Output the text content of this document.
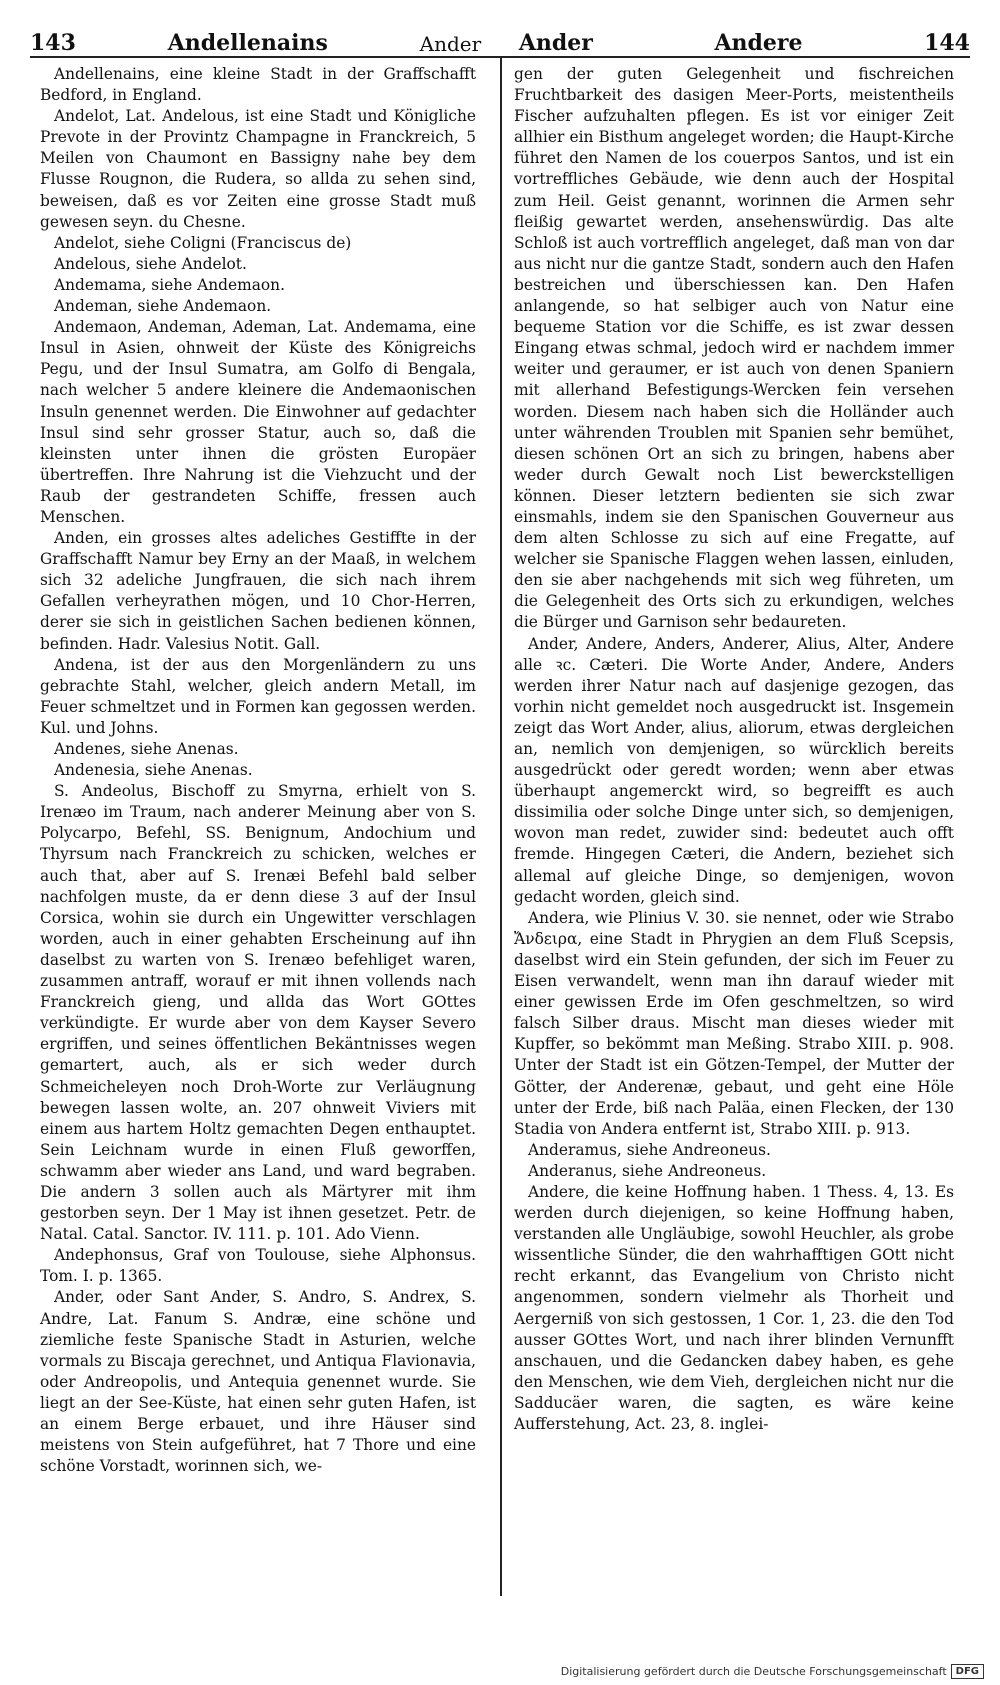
143	Andellenains	Ander Ander	Andere	144

Andellenains, eine kleine Stadt in der Graffschafft Bedford, in England.

Andelot, Lat. Andelous, ist eine Stadt und Königliche Prevote in der Provintz Champagne in Franckreich, 5 Meilen von Chaumont en Bassigny nahe bey dem Flusse Rougnon, die Rudera, so allda zu sehen sind, beweisen, daß es vor Zeiten eine grosse Stadt muß gewesen seyn. du Chesne.

Andelot, siehe Coligni (Franciscus de)

Andelous, siehe Andelot.

Andemama, siehe Andemaon.

Andeman, siehe Andemaon.

Andemaon, Andeman, Ademan, Lat. Andemama, eine Insul in Asien, ohnweit der Küste des Königreichs Pegu, und der Insul Sumatra, am Golfo di Bengala, nach welcher 5 andere kleinere die Andemaonischen Insuln genennet werden. Die Einwohner auf gedachter Insul sind sehr grosser Statur, auch so, daß die kleinsten unter ihnen die grösten Europäer übertreffen. Ihre Nahrung ist die Viehzucht und der Raub der gestrandeten Schiffe, fressen auch Menschen.

Anden, ein grosses altes adeliches Gestiffte in der Graffschafft Namur bey Erny an der Maaß, in welchem sich 32 adeliche Jungfrauen, die sich nach ihrem Gefallen verheyrathen mögen, und 10 Chor-Herren, derer sie sich in geistlichen Sachen bedienen können, befinden. Hadr. Valesius Notit. Gall.

Andena, ist der aus den Morgenländern zu uns gebrachte Stahl, welcher, gleich andern Metall, im Feuer schmeltzet und in Formen kan gegossen werden. Kul. und Johns.

Andenes, siehe Anenas.

Andenesia, siehe Anenas.

S. Andeolus, Bischoff zu Smyrna, erhielt von S. Irenæo im Traum, nach anderer Meinung aber von S. Polycarpo, Befehl, SS. Benignum, Andochium und Thyrsum nach Franckreich zu schicken, welches er auch that, aber auf S. Irenæi Befehl bald selber nachfolgen muste, da er denn diese 3 auf der Insul Corsica, wohin sie durch ein Ungewitter verschlagen worden, auch in einer gehabten Erscheinung auf ihn daselbst zu warten von S. Irenæo befehliget waren, zusammen antraff, worauf er mit ihnen vollends nach Franckreich gieng, und allda das Wort GOttes verkündigte. Er wurde aber von dem Kayser Severo ergriffen, und seines öffentlichen Bekäntnisses wegen gemartert, auch, als er sich weder durch Schmeicheleyen noch Droh-Worte zur Verläugnung bewegen lassen wolte, an. 207 ohnweit Viviers mit einem aus hartem Holtz gemachten Degen enthauptet. Sein Leichnam wurde in einen Fluß geworffen, schwamm aber wieder ans Land, und ward begraben. Die andern 3 sollen auch als Märtyrer mit ihm gestorben seyn. Der 1 May ist ihnen gesetzet. Petr. de Natal. Catal. Sanctor. IV. 111. p. 101. Ado Vienn.

Andephonsus, Graf von Toulouse, siehe Alphonsus. Tom. I. p. 1365.

Ander, oder Sant Ander, S. Andro, S. Andrex, S. Andre, Lat. Fanum S. Andræ, eine schöne und ziemliche feste Spanische Stadt in Asturien, welche vormals zu Biscaja gerechnet, und Antiqua Flavionavia, oder Andreopolis, und Antequia genennet wurde. Sie liegt an der See-Küste, hat einen sehr guten Hafen, ist an einem Berge erbauet, und ihre Häuser sind meistens von Stein aufgeführet, hat 7 Thore und eine schöne Vorstadt, worinnen sich, we-

gen der guten Gelegenheit und fischreichen Fruchtbarkeit des dasigen Meer-Ports, meistentheils Fischer aufzuhalten pflegen. Es ist vor einiger Zeit allhier ein Bisthum angeleget worden; die Haupt-Kirche führet den Namen de los couerpos Santos, und ist ein vortreffliches Gebäude, wie denn auch der Hospital zum Heil. Geist genannt, worinnen die Armen sehr fleißig gewartet werden, ansehenswürdig. Das alte Schloß ist auch vortrefflich angeleget, daß man von dar aus nicht nur die gantze Stadt, sondern auch den Hafen bestreichen und überschiessen kan. Den Hafen anlangende, so hat selbiger auch von Natur eine bequeme Station vor die Schiffe, es ist zwar dessen Eingang etwas schmal, jedoch wird er nachdem immer weiter und geraumer, er ist auch von denen Spaniern mit allerhand Befestigungs-Wercken fein versehen worden. Diesem nach haben sich die Holländer auch unter währenden Troublen mit Spanien sehr bemühet, diesen schönen Ort an sich zu bringen, habens aber weder durch Gewalt noch List bewerckstelligen können. Dieser letztern bedienten sie sich zwar einsmahls, indem sie den Spanischen Gouverneur aus dem alten Schlosse zu sich auf eine Fregatte, auf welcher sie Spanische Flaggen wehen lassen, einluden, den sie aber nachgehends mit sich weg führeten, um die Gelegenheit des Orts sich zu erkundigen, welches die Bürger und Garnison sehr bedaureten.

Ander, Andere, Anders, Anderer, Alius, Alter, Andere alle ꝛc. Cæteri. Die Worte Ander, Andere, Anders werden ihrer Natur nach auf dasjenige gezogen, das vorhin nicht gemeldet noch ausgedruckt ist. Insgemein zeigt das Wort Ander, alius, aliorum, etwas dergleichen an, nemlich von demjenigen, so würcklich bereits ausgedrückt oder geredt worden; wenn aber etwas überhaupt angemerckt wird, so begreifft es auch dissimilia oder solche Dinge unter sich, so demjenigen, wovon man redet, zuwider sind: bedeutet auch offt fremde. Hingegen Cæteri, die Andern, beziehet sich allemal auf gleiche Dinge, so demjenigen, wovon gedacht worden, gleich sind.

Andera, wie Plinius V. 30. sie nennet, oder wie Strabo Ἄνδειρα, eine Stadt in Phrygien an dem Fluß Scepsis, daselbst wird ein Stein gefunden, der sich im Feuer zu Eisen verwandelt, wenn man ihn darauf wieder mit einer gewissen Erde im Ofen geschmeltzen, so wird falsch Silber draus. Mischt man dieses wieder mit Kupffer, so bekömmt man Meßing. Strabo XIII. p. 908. Unter der Stadt ist ein Götzen-Tempel, der Mutter der Götter, der Anderenæ, gebaut, und geht eine Höle unter der Erde, biß nach Paläa, einen Flecken, der 130 Stadia von Andera entfernt ist, Strabo XIII. p. 913.

Anderamus, siehe Andreoneus.

Anderanus, siehe Andreoneus.

Andere, die keine Hoffnung haben. 1 Thess. 4, 13. Es werden durch diejenigen, so keine Hoffnung haben, verstanden alle Ungläubige, sowohl Heuchler, als grobe wissentliche Sünder, die den wahrhafftigen GOtt nicht recht erkannt, das Evangelium von Christo nicht angenommen, sondern vielmehr als Thorheit und Aergerniß von sich gestossen, 1 Cor. 1, 23. die den Tod ausser GOttes Wort, und nach ihrer blinden Vernunfft anschauen, und die Gedancken dabey haben, es gehe den Menschen, wie dem Vieh, dergleichen nicht nur die Sadducäer waren, die sagten, es wäre keine Aufferstehung, Act. 23, 8. inglei-

Digitalisierung gefördert durch die Deutsche Forschungsgemeinschaft DFG
